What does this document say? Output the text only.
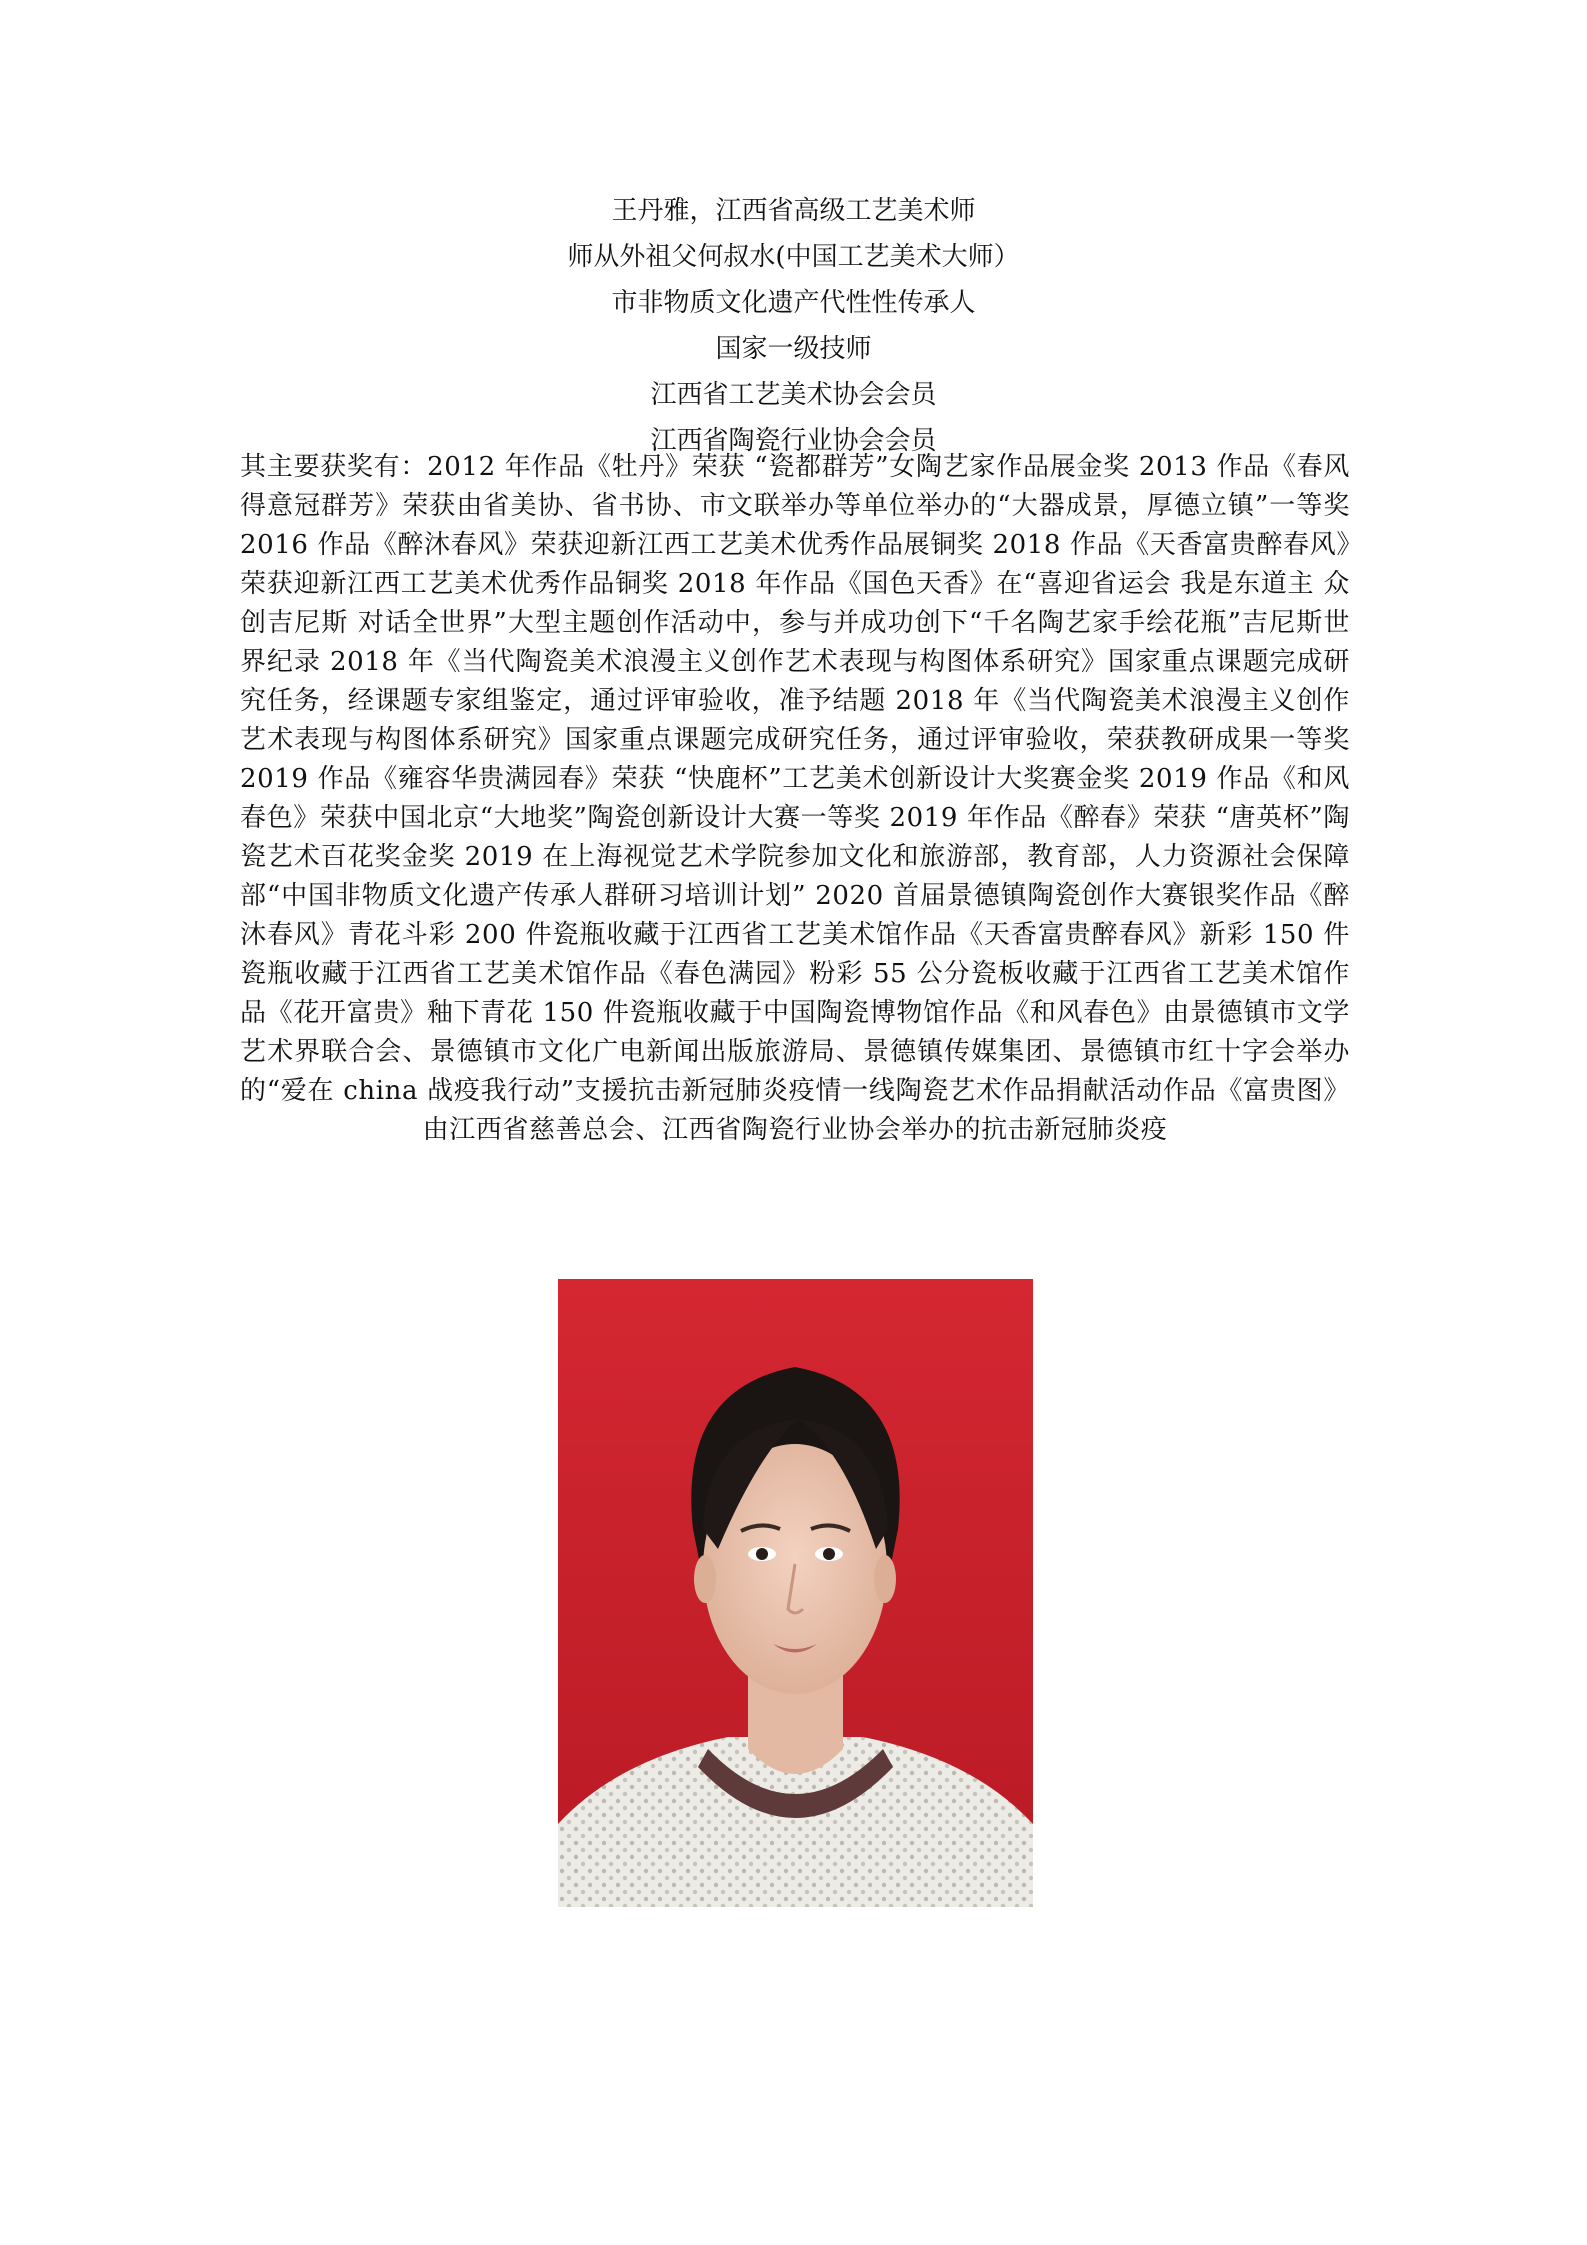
王丹雅，江西省高级工艺美术师
师从外祖父何叔水(中国工艺美术大师）
市非物质文化遗产代性性传承人
国家一级技师
江西省工艺美术协会会员
江西省陶瓷行业协会会员
其主要获奖有：2012 年作品《牡丹》荣获 “瓷都群芳”女陶艺家作品展金奖 2013 作品《春风得意冠群芳》荣获由省美协、省书协、市文联举办等单位举办的“大器成景，厚德立镇”一等奖 2016 作品《醉沐春风》荣获迎新江西工艺美术优秀作品展铜奖 2018 作品《天香富贵醉春风》荣获迎新江西工艺美术优秀作品铜奖 2018 年作品《国色天香》在“喜迎省运会 我是东道主 众创吉尼斯 对话全世界”大型主题创作活动中，参与并成功创下“千名陶艺家手绘花瓶”吉尼斯世界纪录 2018 年《当代陶瓷美术浪漫主义创作艺术表现与构图体系研究》国家重点课题完成研究任务，经课题专家组鉴定，通过评审验收，准予结题 2018 年《当代陶瓷美术浪漫主义创作艺术表现与构图体系研究》国家重点课题完成研究任务，通过评审验收，荣获教研成果一等奖 2019 作品《雍容华贵满园春》荣获 “快鹿杯”工艺美术创新设计大奖赛金奖 2019 作品《和风春色》荣获中国北京“大地奖”陶瓷创新设计大赛一等奖 2019 年作品《醉春》荣获 “唐英杯”陶瓷艺术百花奖金奖 2019 在上海视觉艺术学院参加文化和旅游部，教育部，人力资源社会保障部“中国非物质文化遗产传承人群研习培训计划” 2020 首届景德镇陶瓷创作大赛银奖作品《醉沐春风》青花斗彩 200 件瓷瓶收藏于江西省工艺美术馆作品《天香富贵醉春风》新彩 150 件瓷瓶收藏于江西省工艺美术馆作品《春色满园》粉彩 55 公分瓷板收藏于江西省工艺美术馆作品《花开富贵》釉下青花 150 件瓷瓶收藏于中国陶瓷博物馆作品《和风春色》由景德镇市文学艺术界联合会、景德镇市文化广电新闻出版旅游局、景德镇传媒集团、景德镇市红十字会举办的“爱在 china 战疫我行动”支援抗击新冠肺炎疫情一线陶瓷艺术作品捐献活动作品《富贵图》由江西省慈善总会、江西省陶瓷行业协会举办的抗击新冠肺炎疫
